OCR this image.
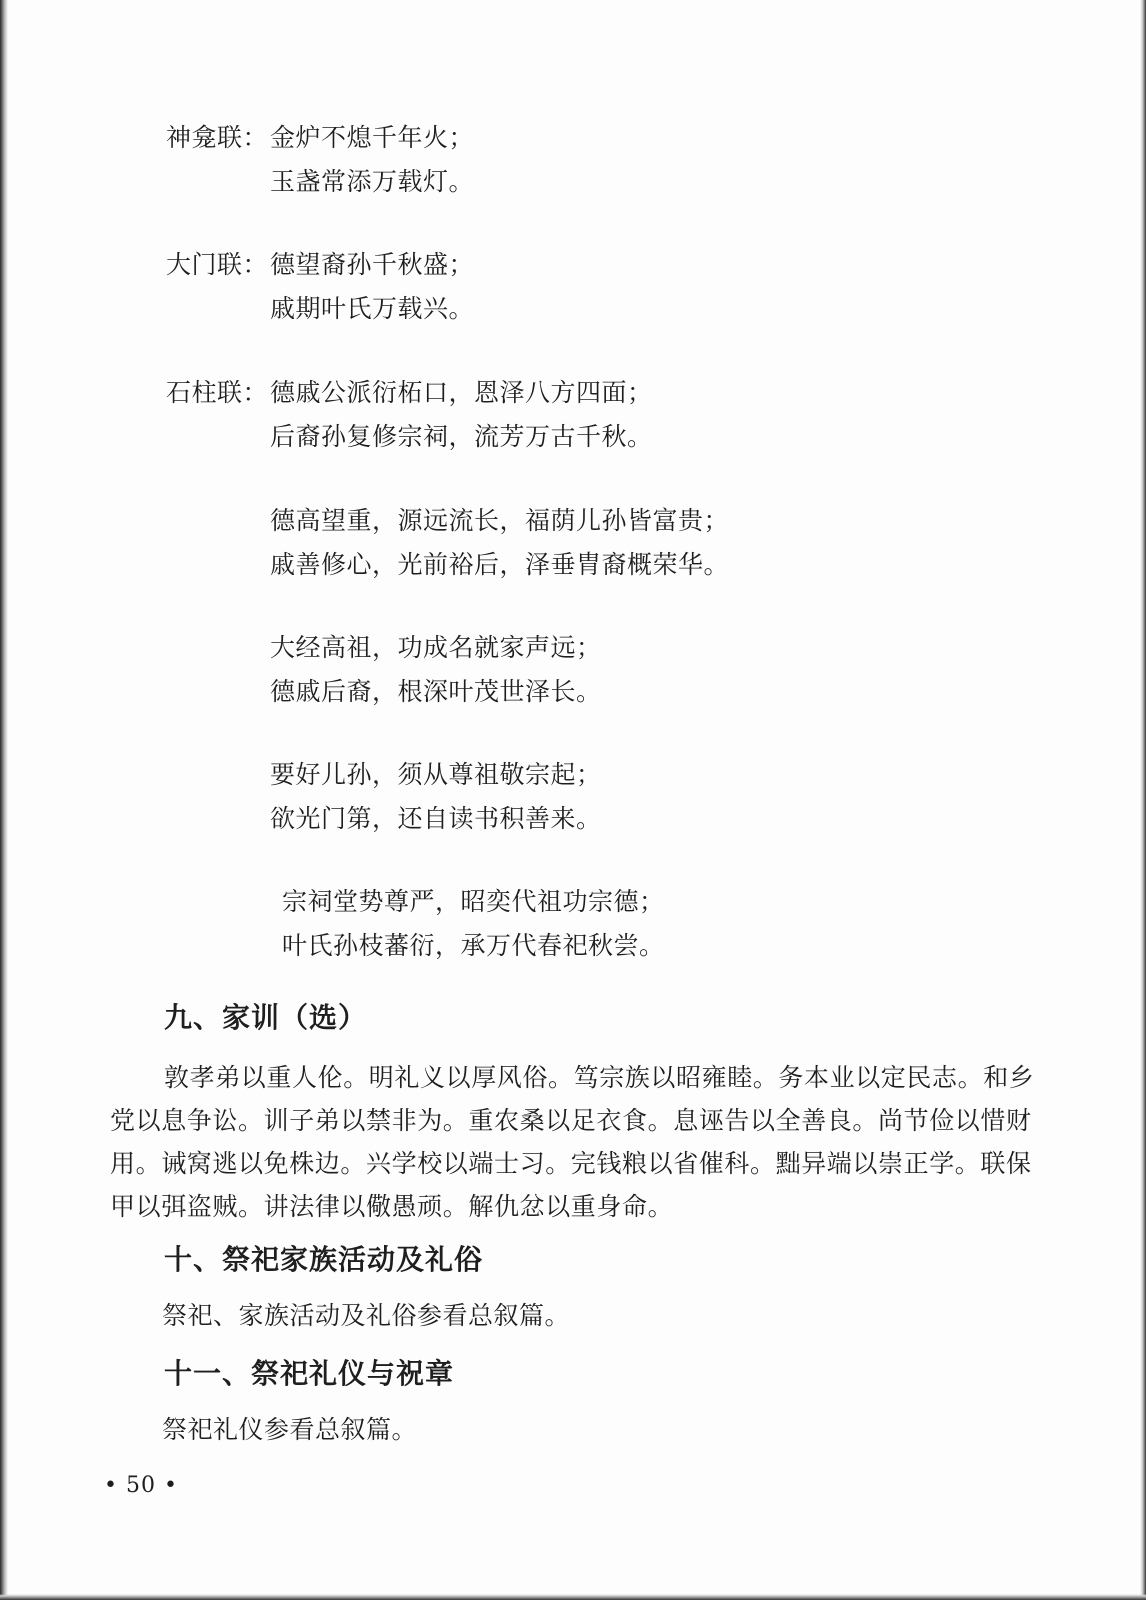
神龛联：金炉不熄千年火；
玉盏常添万载灯。
大门联：德望裔孙千秋盛；
戚期叶氏万载兴。
石柱联：德戚公派衍柘口，恩泽八方四面；
后裔孙复修宗祠，流芳万古千秋。
德高望重，源远流长，福荫儿孙皆富贵；
戚善修心，光前裕后，泽垂胄裔概荣华。
大经高祖，功成名就家声远；
德戚后裔，根深叶茂世泽长。
要好儿孙，须从尊祖敬宗起；
欲光门第，还自读书积善来。
宗祠堂势尊严，昭奕代祖功宗德；
叶氏孙枝蕃衍，承万代春祀秋尝。
九、家训（选）
敦孝弟以重人伦。明礼义以厚风俗。笃宗族以昭雍睦。务本业以定民志。和乡党以息争讼。训子弟以禁非为。重农桑以足衣食。息诬告以全善良。尚节俭以惜财用。诫窝逃以免株边。兴学校以端士习。完钱粮以省催科。黜异端以崇正学。联保甲以弭盗贼。讲法律以儆愚顽。解仇忿以重身命。
十、祭祀家族活动及礼俗
祭祀、家族活动及礼俗参看总叙篇。
十一、祭祀礼仪与祝章
祭祀礼仪参看总叙篇。
• 50 •
